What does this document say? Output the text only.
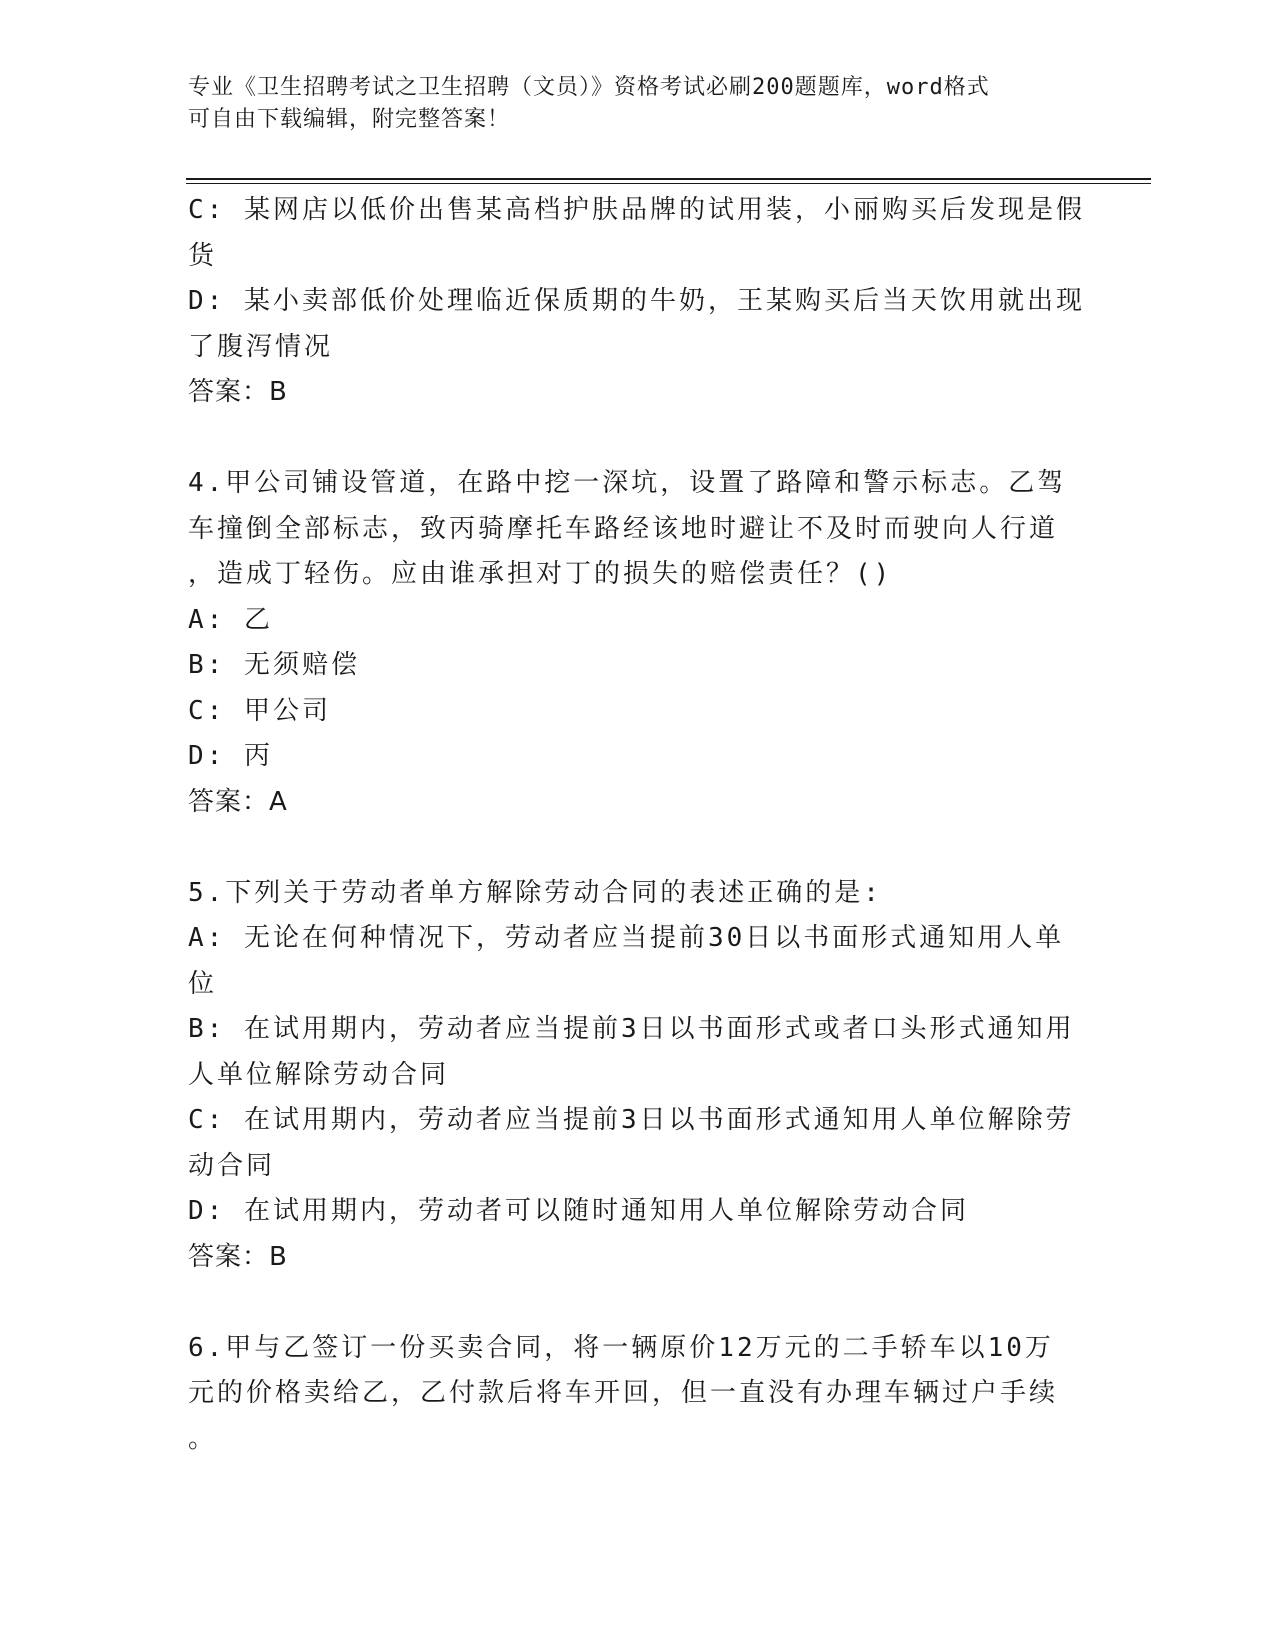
专业《卫生招聘考试之卫生招聘（文员）》资格考试必刷200题题库，word格式
可自由下载编辑，附完整答案！
C: 某网店以低价出售某高档护肤品牌的试用装，小丽购买后发现是假
货
D: 某小卖部低价处理临近保质期的牛奶，王某购买后当天饮用就出现
了腹泻情况
答案：B
4.甲公司铺设管道，在路中挖一深坑，设置了路障和警示标志。乙驾
车撞倒全部标志，致丙骑摩托车路经该地时避让不及时而驶向人行道
，造成丁轻伤。应由谁承担对丁的损失的赔偿责任？()
A: 乙
B: 无须赔偿
C: 甲公司
D: 丙
答案：A
5.下列关于劳动者单方解除劳动合同的表述正确的是:
A: 无论在何种情况下，劳动者应当提前30日以书面形式通知用人单
位
B: 在试用期内，劳动者应当提前3日以书面形式或者口头形式通知用
人单位解除劳动合同
C: 在试用期内，劳动者应当提前3日以书面形式通知用人单位解除劳
动合同
D: 在试用期内，劳动者可以随时通知用人单位解除劳动合同
答案：B
6.甲与乙签订一份买卖合同，将一辆原价12万元的二手轿车以10万
元的价格卖给乙，乙付款后将车开回，但一直没有办理车辆过户手续
。
